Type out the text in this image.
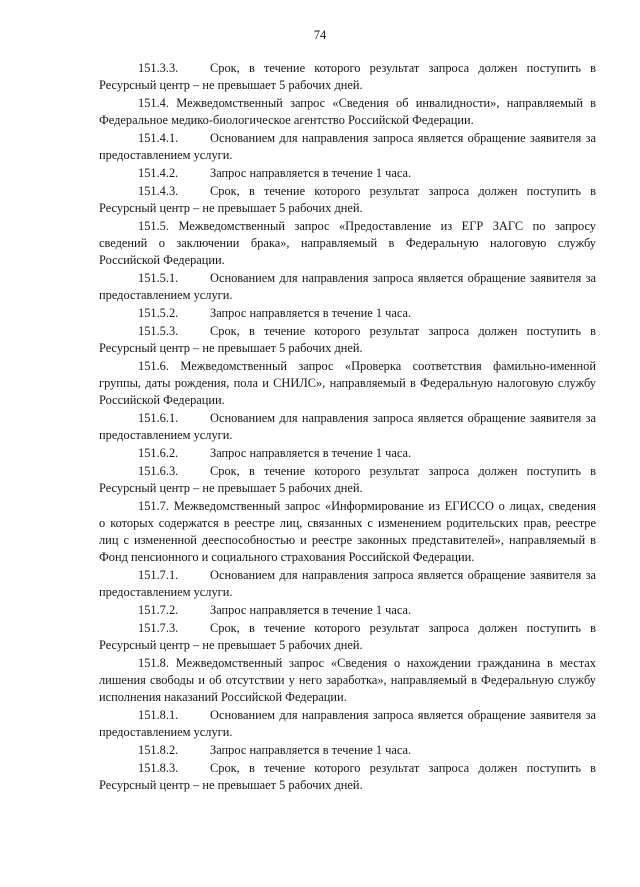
74
151.3.3.	Срок, в течение которого результат запроса должен поступить в
Ресурсный центр – не превышает 5 рабочих дней.
151.4. Межведомственный запрос «Сведения об инвалидности», направляемый в
Федеральное медико-биологическое агентство Российской Федерации.
151.4.1.	Основанием для направления запроса является обращение заявителя за
предоставлением услуги.
151.4.2.	Запрос направляется в течение 1 часа.
151.4.3.	Срок, в течение которого результат запроса должен поступить в
Ресурсный центр – не превышает 5 рабочих дней.
151.5. Межведомственный запрос «Предоставление из ЕГР ЗАГС по запросу
сведений о заключении брака», направляемый в Федеральную налоговую службу
Российской Федерации.
151.5.1.	Основанием для направления запроса является обращение заявителя за
предоставлением услуги.
151.5.2.	Запрос направляется в течение 1 часа.
151.5.3.	Срок, в течение которого результат запроса должен поступить в
Ресурсный центр – не превышает 5 рабочих дней.
151.6. Межведомственный запрос «Проверка соответствия фамильно-именной
группы, даты рождения, пола и СНИЛС», направляемый в Федеральную налоговую службу
Российской Федерации.
151.6.1.	Основанием для направления запроса является обращение заявителя за
предоставлением услуги.
151.6.2.	Запрос направляется в течение 1 часа.
151.6.3.	Срок, в течение которого результат запроса должен поступить в
Ресурсный центр – не превышает 5 рабочих дней.
151.7. Межведомственный запрос «Информирование из ЕГИССО о лицах, сведения
о которых содержатся в реестре лиц, связанных с изменением родительских прав, реестре
лиц с измененной дееспособностью и реестре законных представителей», направляемый в
Фонд пенсионного и социального страхования Российской Федерации.
151.7.1.	Основанием для направления запроса является обращение заявителя за
предоставлением услуги.
151.7.2.	Запрос направляется в течение 1 часа.
151.7.3.	Срок, в течение которого результат запроса должен поступить в
Ресурсный центр – не превышает 5 рабочих дней.
151.8. Межведомственный запрос «Сведения о нахождении гражданина в местах
лишения свободы и об отсутствии у него заработка», направляемый в Федеральную службу
исполнения наказаний Российской Федерации.
151.8.1.	Основанием для направления запроса является обращение заявителя за
предоставлением услуги.
151.8.2.	Запрос направляется в течение 1 часа.
151.8.3.	Срок, в течение которого результат запроса должен поступить в
Ресурсный центр – не превышает 5 рабочих дней.
